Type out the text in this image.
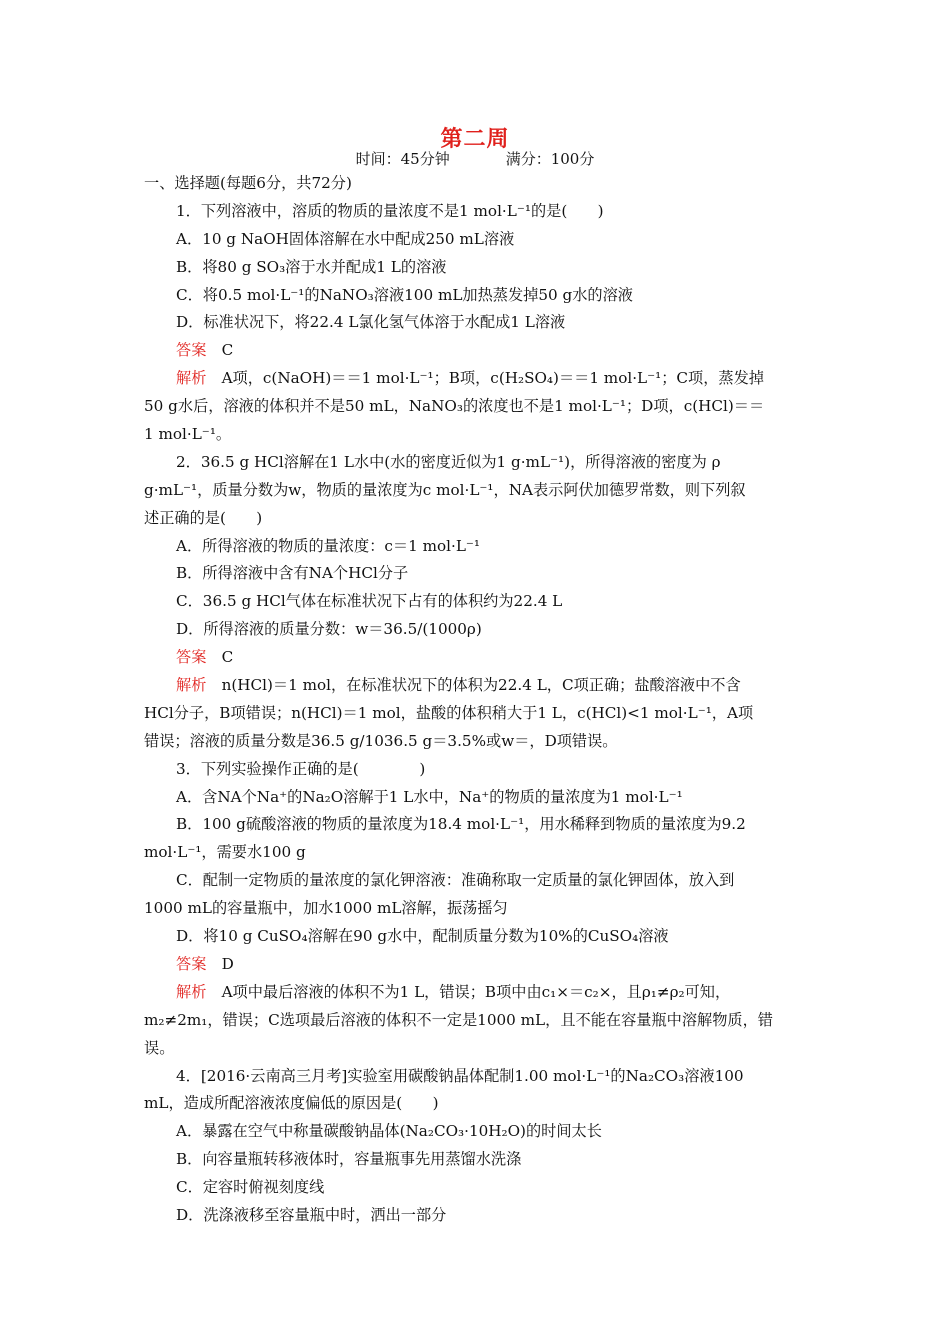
第二周
时间：45分钟	满分：100分
一、选择题(每题6分，共72分)
1．下列溶液中，溶质的物质的量浓度不是1 mol·L⁻¹的是(　　)
A．10 g NaOH固体溶解在水中配成250 mL溶液
B．将80 g SO₃溶于水并配成1 L的溶液
C．将0.5 mol·L⁻¹的NaNO₃溶液100 mL加热蒸发掉50 g水的溶液
D．标准状况下，将22.4 L氯化氢气体溶于水配成1 L溶液
答案　 C
解析　 A项，c(NaOH)＝＝1 mol·L⁻¹；B项，c(H₂SO₄)＝＝1 mol·L⁻¹；C项，蒸发掉
50 g水后，溶液的体积并不是50 mL，NaNO₃的浓度也不是1 mol·L⁻¹；D项，c(HCl)＝＝
1 mol·L⁻¹。
2．36.5 g HCl溶解在1 L水中(水的密度近似为1 g·mL⁻¹)，所得溶液的密度为 ρ
g·mL⁻¹，质量分数为w，物质的量浓度为c mol·L⁻¹，NA表示阿伏加德罗常数，则下列叙
述正确的是(　　)
A．所得溶液的物质的量浓度：c＝1 mol·L⁻¹
B．所得溶液中含有NA个HCl分子
C．36.5 g HCl气体在标准状况下占有的体积约为22.4 L
D．所得溶液的质量分数：w＝36.5/(1000ρ)
答案　 C
解析　 n(HCl)＝1 mol，在标准状况下的体积为22.4 L，C项正确；盐酸溶液中不含
HCl分子，B项错误；n(HCl)＝1 mol，盐酸的体积稍大于1 L，c(HCl)<1 mol·L⁻¹，A项
错误；溶液的质量分数是36.5 g/1036.5 g＝3.5%或w＝，D项错误。
3．下列实验操作正确的是(　　　　)
A．含NA个Na⁺的Na₂O溶解于1 L水中，Na⁺的物质的量浓度为1 mol·L⁻¹
B．100 g硫酸溶液的物质的量浓度为18.4 mol·L⁻¹，用水稀释到物质的量浓度为9.2
mol·L⁻¹，需要水100 g
C．配制一定物质的量浓度的氯化钾溶液：准确称取一定质量的氯化钾固体，放入到
1000 mL的容量瓶中，加水1000 mL溶解，振荡摇匀
D．将10 g CuSO₄溶解在90 g水中，配制质量分数为10%的CuSO₄溶液
答案　 D
解析　 A项中最后溶液的体积不为1 L，错误；B项中由c₁×＝c₂×，且ρ₁≠ρ₂可知，
m₂≠2m₁，错误；C选项最后溶液的体积不一定是1000 mL，且不能在容量瓶中溶解物质，错
误。
4．[2016·云南高三月考]实验室用碳酸钠晶体配制1.00 mol·L⁻¹的Na₂CO₃溶液100
mL，造成所配溶液浓度偏低的原因是(　　)
A．暴露在空气中称量碳酸钠晶体(Na₂CO₃·10H₂O)的时间太长
B．向容量瓶转移液体时，容量瓶事先用蒸馏水洗涤
C．定容时俯视刻度线
D．洗涤液移至容量瓶中时，洒出一部分
